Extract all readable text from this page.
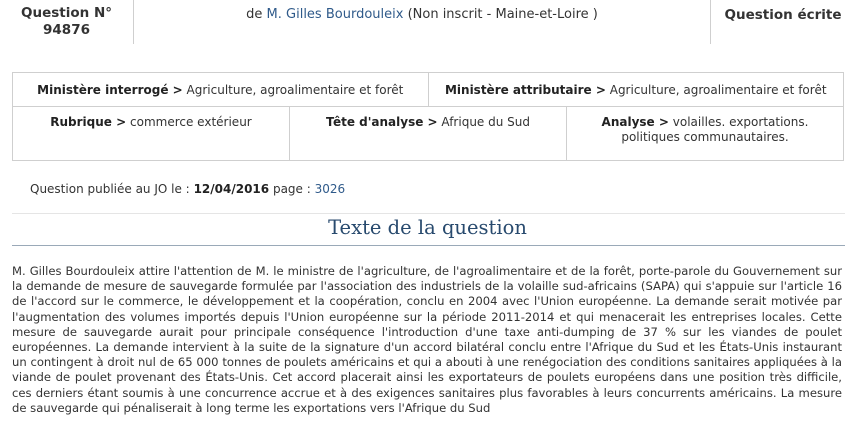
Question N°
94876
de M. Gilles Bourdouleix (Non inscrit - Maine-et-Loire )	Question écrite
Ministère interrogé > Agriculture, agroalimentaire et forêt	Ministère attributaire > Agriculture, agroalimentaire et forêt
Rubrique > commerce extérieur	Tête d'analyse > Afrique du Sud	Analyse > volailles. exportations. politiques communautaires.
Question publiée au JO le : 12/04/2016 page : 3026
Texte de la question
M. Gilles Bourdouleix attire l'attention de M. le ministre de l'agriculture, de l'agroalimentaire et de la forêt, porte-parole du Gouvernement sur la demande de mesure de sauvegarde formulée par l'association des industriels de la volaille sud-africains (SAPA) qui s'appuie sur l'article 16 de l'accord sur le commerce, le développement et la coopération, conclu en 2004 avec l'Union européenne. La demande serait motivée par l'augmentation des volumes importés depuis l'Union européenne sur la période 2011-2014 et qui menacerait les entreprises locales. Cette mesure de sauvegarde aurait pour principale conséquence l'introduction d'une taxe anti-dumping de 37 % sur les viandes de poulet européennes. La demande intervient à la suite de la signature d'un accord bilatéral conclu entre l'Afrique du Sud et les États-Unis instaurant un contingent à droit nul de 65 000 tonnes de poulets américains et qui a abouti à une renégociation des conditions sanitaires appliquées à la viande de poulet provenant des États-Unis. Cet accord placerait ainsi les exportateurs de poulets européens dans une position très difficile, ces derniers étant soumis à une concurrence accrue et à des exigences sanitaires plus favorables à leurs concurrents américains. La mesure de sauvegarde qui pénaliserait à long terme les exportations vers l'Afrique du Sud
